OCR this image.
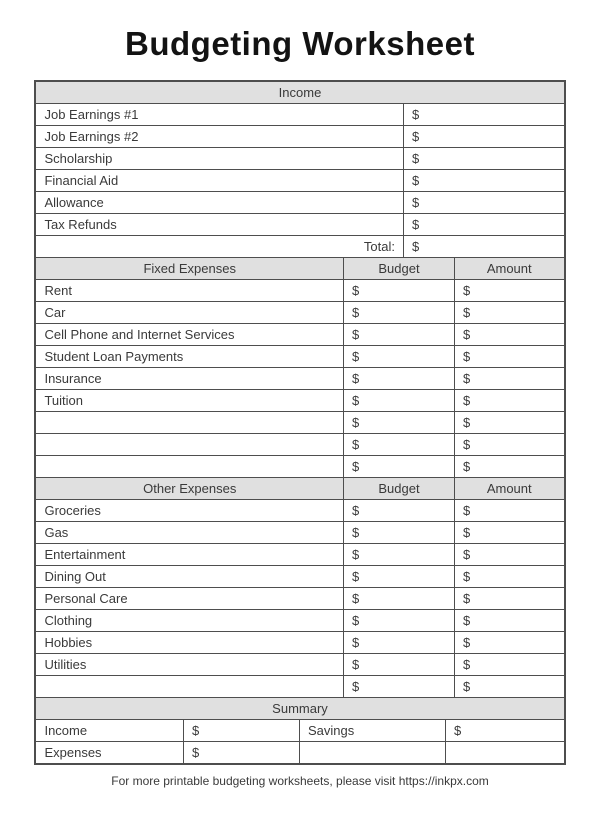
Budgeting Worksheet
Income						
Job Earnings #1				$		
Job Earnings #2				$		
Scholarship				$		
Financial Aid				$		
Allowance				$		
Tax Refunds				$		
Total:				$		
Fixed Expenses			Budget			Amount
Rent			$			$
Car			$			$
Cell Phone and Internet Services			$			$
Student Loan Payments			$			$
Insurance			$			$
Tuition			$			$
			$			$
			$			$
			$			$
Other Expenses			Budget			Amount
Groceries			$			$
Gas			$			$
Entertainment			$			$
Dining Out			$			$
Personal Care			$			$
Clothing			$			$
Hobbies			$			$
Utilities			$			$
			$			$
Summary						
Income	$	Savings			$	
Expenses	$					
For more printable budgeting worksheets, please visit https://inkpx.com
